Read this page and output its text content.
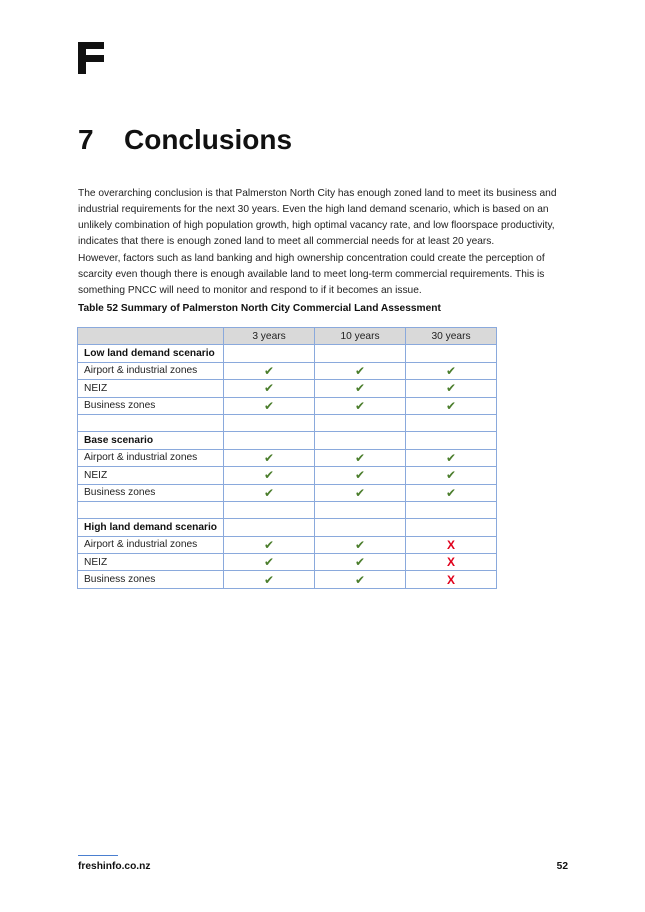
7 Conclusions

The overarching conclusion is that Palmerston North City has enough zoned land to meet its business and industrial requirements for the next 30 years. Even the high land demand scenario, which is based on an unlikely combination of high population growth, high optimal vacancy rate, and low floorspace productivity, indicates that there is enough zoned land to meet all commercial needs for at least 20 years.

However, factors such as land banking and high ownership concentration could create the perception of scarcity even though there is enough available land to meet long-term commercial requirements. This is something PNCC will need to monitor and respond to if it becomes an issue.

Table 52 Summary of Palmerston North City Commercial Land Assessment

	3 years	10 years	30 years
Low land demand scenario			
Airport & industrial zones	✔	✔	✔
NEIZ	✔	✔	✔
Business zones	✔	✔	✔

Base scenario			
Airport & industrial zones	✔	✔	✔
NEIZ	✔	✔	✔
Business zones	✔	✔	✔

High land demand scenario			
Airport & industrial zones	✔	✔	X
NEIZ	✔	✔	X
Business zones	✔	✔	X
freshinfo.co.nz	52
